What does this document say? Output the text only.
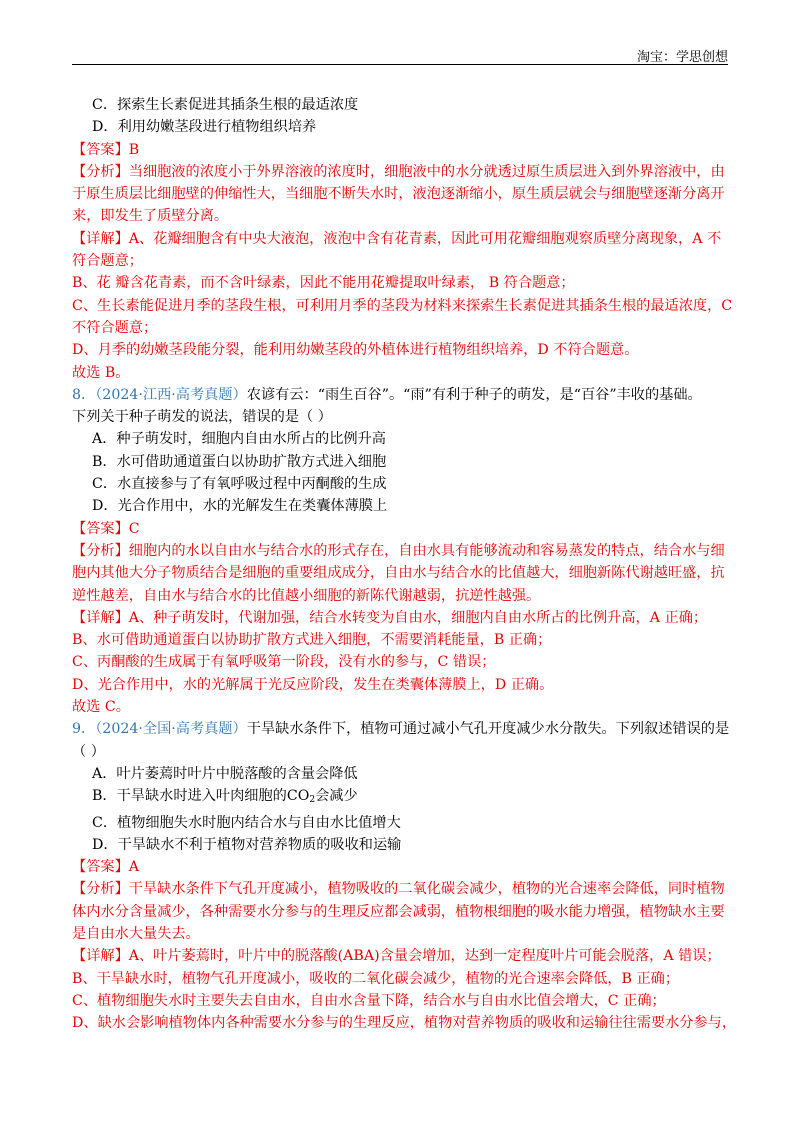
淘宝：学思创想
C．探索生长素促进其插条生根的最适浓度
D．利用幼嫩茎段进行植物组织培养
【答案】B
【分析】当细胞液的浓度小于外界溶液的浓度时，细胞液中的水分就透过原生质层进入到外界溶液中，由
于原生质层比细胞壁的伸缩性大，当细胞不断失水时，液泡逐渐缩小，原生质层就会与细胞壁逐渐分离开
来，即发生了质壁分离。
【详解】A、花瓣细胞含有中央大液泡，液泡中含有花青素，因此可用花瓣细胞观察质壁分离现象，A 不
符合题意；
B、花 瓣含花青素，而不含叶绿素，因此不能用花瓣提取叶绿素， B 符合题意；
C、生长素能促进月季的茎段生根，可利用月季的茎段为材料来探索生长素促进其插条生根的最适浓度，C
不符合题意；
D、月季的幼嫩茎段能分裂，能利用幼嫩茎段的外植体进行植物组织培养，D 不符合题意。
故选 B。
8．（2024·江西·高考真题）农谚有云：“雨生百谷”。“雨”有利于种子的萌发，是“百谷”丰收的基础。
下列关于种子萌发的说法，错误的是（ ）
A．种子萌发时，细胞内自由水所占的比例升高
B．水可借助通道蛋白以协助扩散方式进入细胞
C．水直接参与了有氧呼吸过程中丙酮酸的生成
D．光合作用中，水的光解发生在类囊体薄膜上
【答案】C
【分析】细胞内的水以自由水与结合水的形式存在，自由水具有能够流动和容易蒸发的特点，结合水与细
胞内其他大分子物质结合是细胞的重要组成成分，自由水与结合水的比值越大，细胞新陈代谢越旺盛，抗
逆性越差，自由水与结合水的比值越小细胞的新陈代谢越弱，抗逆性越强。
【详解】A、种子萌发时，代谢加强，结合水转变为自由水，细胞内自由水所占的比例升高，A 正确；
B、水可借助通道蛋白以协助扩散方式进入细胞，不需要消耗能量，B 正确；
C、丙酮酸的生成属于有氧呼吸第一阶段，没有水的参与，C 错误；
D、光合作用中，水的光解属于光反应阶段，发生在类囊体薄膜上，D 正确。
故选 C。
9．（2024·全国·高考真题）干旱缺水条件下，植物可通过减小气孔开度减少水分散失。下列叙述错误的是
（ ）
A．叶片萎蔫时叶片中脱落酸的含量会降低
B．干旱缺水时进入叶肉细胞的$CO_2$会减少
C．植物细胞失水时胞内结合水与自由水比值增大
D．干旱缺水不利于植物对营养物质的吸收和运输
【答案】A
【分析】干旱缺水条件下气孔开度减小，植物吸收的二氧化碳会减少，植物的光合速率会降低，同时植物
体内水分含量减少，各种需要水分参与的生理反应都会减弱，植物根细胞的吸水能力增强，植物缺水主要
是自由水大量失去。
【详解】A、叶片萎蔫时，叶片中的脱落酸(ABA)含量会增加，达到一定程度叶片可能会脱落，A 错误；
B、干旱缺水时，植物气孔开度减小，吸收的二氧化碳会减少，植物的光合速率会降低，B 正确；
C、植物细胞失水时主要失去自由水，自由水含量下降，结合水与自由水比值会增大，C 正确；
D、缺水会影响植物体内各种需要水分参与的生理反应，植物对营养物质的吸收和运输往往需要水分参与，
